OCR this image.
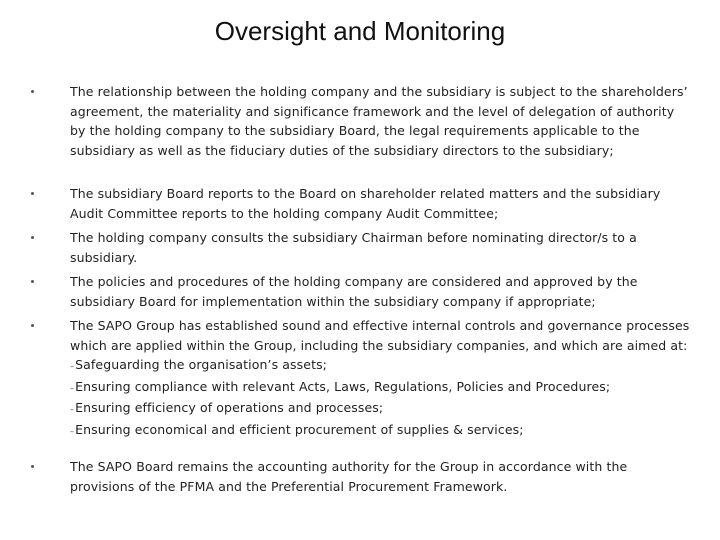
Oversight and Monitoring
The relationship between the holding company and the subsidiary is subject to the shareholders’ agreement, the materiality and significance framework and the level of delegation of authority by the holding company to the subsidiary Board, the legal requirements applicable to the subsidiary as well as the fiduciary duties of the subsidiary directors to the subsidiary;
The subsidiary Board reports to the Board on shareholder related matters and the subsidiary Audit Committee reports to the holding company Audit Committee;
The holding company consults the subsidiary Chairman before nominating director/s to a subsidiary.
The policies and procedures of the holding company are considered and approved by the subsidiary Board for implementation within the subsidiary company if appropriate;
The SAPO Group has established sound and effective internal controls and governance processes which are applied within the Group, including the subsidiary companies, and which are aimed at:
–Safeguarding the organisation’s assets;
–Ensuring compliance with relevant Acts, Laws, Regulations, Policies and Procedures;
–Ensuring efficiency of operations and processes;
–Ensuring economical and efficient procurement of supplies & services;
The SAPO Board remains the accounting authority for the Group in accordance with the provisions of the PFMA and the Preferential Procurement Framework.
